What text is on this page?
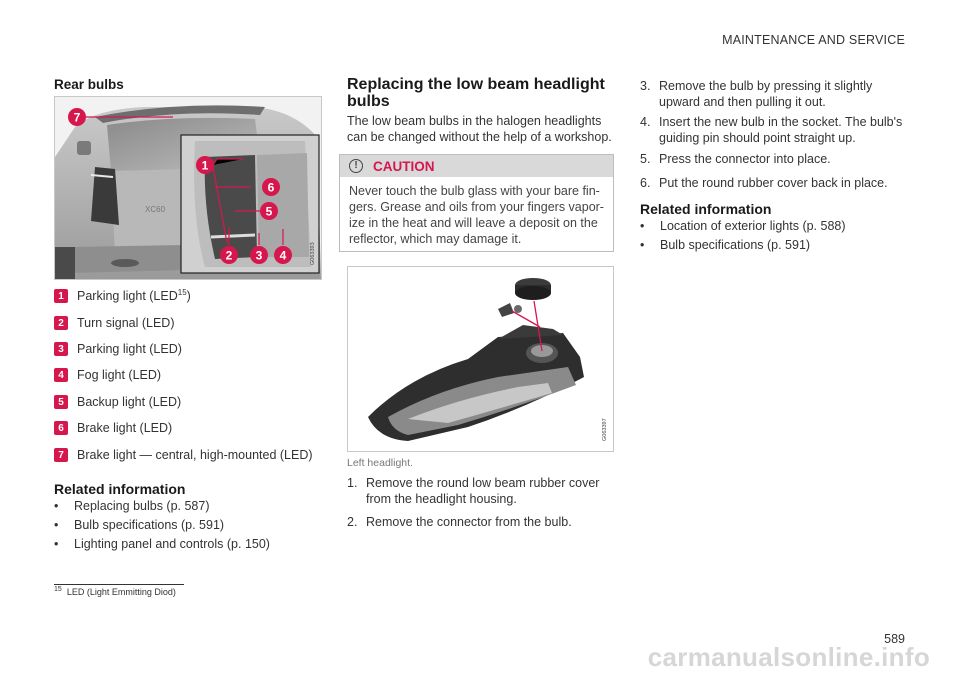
MAINTENANCE AND SERVICE
Rear bulbs
XC60
7
1
6
5
2 3 4	G063393
1	Parking light (LED$^{15}$)
2	Turn signal (LED)
3	Parking light (LED)
4	Fog light (LED)
5	Backup light (LED)
6	Brake light (LED)
7	Brake light — central, high-mounted (LED)
Related information
•	Replacing bulbs (p. 587)
•	Bulb specifications (p. 591)
•	Lighting panel and controls (p. 150)
$^{15}$ LED (Light Emmitting Diod)
Replacing the low beam headlight
bulbs
The low beam bulbs in the halogen headlights can be changed without the help of a workshop.
!	CAUTION
Never touch the bulb glass with your bare fin-gers. Grease and oils from your fingers vapor-ize in the heat and will leave a deposit on the reflector, which may damage it.
G063397
Left headlight.
1. Remove the round low beam rubber cover
from the headlight housing.
2. Remove the connector from the bulb.
3. Remove the bulb by pressing it slightly
upward and then pulling it out.
4. Insert the new bulb in the socket. The bulb's
guiding pin should point straight up.
5. Press the connector into place.
6. Put the round rubber cover back in place.
Related information
•	Location of exterior lights (p. 588)
•	Bulb specifications (p. 591)
589
carmanualsonline.info
